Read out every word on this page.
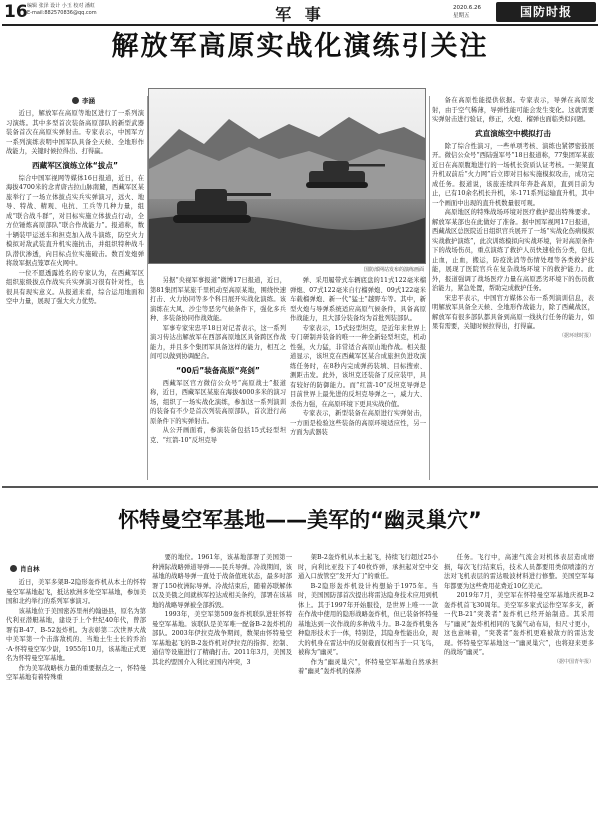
16 编辑 张泽 设计 小玉 校对 潘虹
E-mail:882570836@qq.com	军 事	2020.6.26
星期五	国防时报
解放军高原实战化演练引关注
李涵
国防部网站发布的演练画面

近日，解放军在高原等地区进行了一系列演习演练。其中多型首次装备高原部队的新型武器装备首次在高原实弹射击。专家表示，中国军方一系列演练表明中国军队具备全天候、全地形作战能力，关键时候拉得出、打得赢。

西藏军区演练立体“拔点”

综合中国军视网等媒体16日报道，近日，在海拔4700米的念青唐古拉山脉南麓，西藏军区某旅举行了一场立体拔点实兵实弹演习，远火、地导、特战、精观、电抗、工兵等几种力量，组成“联合战斗群”，对目标实施立体拔点行动，全方位锤炼高原部队“联合作战能力”。报道称，数十辆装甲运送车和担克加入战斗演练，防空火力模拟对敌武装直升机实施抗击，并组织特种战斗队潜伏渗透，向目标点位实施破击。数百发炮弹将敌军据点笼罩在火网中。

一位不愿透露姓名的专家认为，在西藏军区组织旅级拔点作战实兵实弹演习很有针对性，也很具有现实意义。从报道来看，综合运用地面和空中力量，展现了强大火力优势。

另据“央视军事报道”微博17日报道，近日，第81集团军某旅千里机动至高原某地，围绕快速打击、火力协同等多个科目展开实战化演练。该演练在大风、沙尘等恶劣气候条件下，强化多兵种、多装备协同作战效能。

军事专家宋忠平18日对记者表示，这一系列演习传达出解放军在西部高原地区具备跨区作战能力，并且多个集团军具备这样的能力，相互之间可以做到协调配合。

“00后”装备高原“亮剑”

西藏军区官方微信公众号“高原战士”报道称，近日，西藏军区某旅在海拔4000多米的演习场，组织了一场实战化演练，参加这一系列演训的装备有不少是首次列装高原部队，首次进行高原条件下的实弹射击。

从公开画面看，参演装备包括15式轻型坦克、“红箭-10”反坦克导

弹、采用履带式车辆底盘的11式122毫米榴弹炮、07式122毫米自行榴弹炮、09式122毫米车载榴弹炮、新一代“猛士”越野车等。其中，新型火炮与导弹系统适应高原气候条件，具备高原作战能力，且大部分装备均为首批列装部队。

专家表示，15式轻型坦克，是近年来世界上专门研制并装备的唯一一种全新轻型坦克，机动性强，火力猛，非常适合高原山地作战。相关报道显示，该坦克在西藏军区某合成旅担负进攻演练任务时，在8秒内完成弹药装填、目标搜索、测距击发。此外，该坦克还装备了反应装甲，具有较好的防御能力。而“红箭-10”反坦克导弹是目前世界上最先进的反坦克导弹之一，威力大、杀伤力强，在高原环境下更具实战价值。

专家表示，新型装备在高原进行实弹射击，一方面是检验这些装备的高原环境适应性，另一方面为武器装

备在高原性能提供依据。专家表示，导弹在高原发射，由于空气稀薄，导弹性能可能会发生变化。这就需要实弹射击进行验证，修正，火炮、榴弹也面临类似问题。

武直演练空中模拟打击

除了综合性演习，一些单项考核、演练也紧锣密鼓展开。微信公众号“西陆强军号”18日报道称，77集团军某旅近日在高原腹地进行的一场机长资质认证考核。一架架直升机双前后“火力网”后立即对目标实施模拟攻击，成功完成任务。报道说，该旅连续四年奔赴高原，直到目前为止，已有10余名机长升机，米-171系列运输直升机，其中一个画面中出现的直升机数量很可观。

高原地区的特殊战场环境对医疗救护提出特殊要求。解放军某部也在此做好了准备。据中国军视网17日报道，西藏战区总医院近日组织官兵展开了一场“实战化伤病模拟实战救护演练”，此次训练模拟向实战环境，针对高原条件下的战场伤员，重点演练了救护人员快速检伤分类，包扎止血，止血，搬运，防疫洗消等伤情处理等各类救护技能，展现了医院官兵在复杂战场环境下的救护能力。此外，报道强调了战场医疗力量在高原恶劣环境下的伤员救治能力，紧急处置，帮助完成救护任务。

宋忠平表示，中国官方媒体公布一系列演训信息，表明解放军具备全天候、全地形作战能力，除了西藏战区，解放军有很多部队都具备到高原一线执行任务的能力，如果有需要，关键时候拉得出，打得赢。

（据环球时报）
怀特曼空军基地——美军的“幽灵巢穴”
肖自林

近日，美军多架B-2隐形轰炸机从本土的怀特曼空军基地起飞，抵达欧洲多处空军基地，参加美国和北约举行的系列军事演习。

该基地位于美国密苏里州约翰逊县，原名为第代利亚潜艇基地，建设于上个世纪40年代，曾部署有B-47、B-52轰炸机。为表彰第二次世界大战中美军第一个击落敌机的、当地土生土长的乔治·A·怀特曼空军少尉，1955年10月，该基地正式更名为怀特曼空军基地。

作为美军战略核力量的重要据点之一，怀特曼空军基地有着特殊重

要的地位。1961年，该基地部署了美国第一种洲际战略弹道导弹——民兵导弹。冷战期间，该基地的战略导弹一直处于战备值班状态，最多时部署了150枚洲际导弹。冷战结束后，随着苏联解体以及美俄之间就核军控达成相关条约，部署在该基地的战略导弹被全部拆毁。

1993年，美空军第509轰炸机联队进驻怀特曼空军基地。该联队是美军唯一配备B-2轰炸机的部队。2003年伊拉克战争期间，数架由怀特曼空军基地起飞的B-2轰炸机对伊拉克的指挥、控制、通信等设施进行了精确打击。2011年3月，美国及其北约盟国介入利比亚国内冲突，3

架B-2轰炸机从本土起飞，持续飞行超过25小时，向利比亚投下了40枚炸弹，承担起对空中交通入口放管空“发开大门”的重任。

B-2隐形轰炸机设计构想始于1975年。当时，美国国防部首次提出将雷达隐身技术应用到机体上。其于1997年开始服役，是世界上唯一一款在作战中使用的隐形战略轰炸机，但已装备怀特曼基地达到一次作战的多种战斗力。B-2轰炸机集各种隐形技术于一体，特别是，其隐身性能出众，现大的机身在雷达中的反射截面仅相当于一只飞鸟，被称为“幽灵”。

作为“幽灵巢穴”，怀特曼空军基地自然承担着“幽灵”轰炸机的保养

任务。飞行中，高速气流会对机体表层造成磨损，每次飞行结束后，技术人员都要用类似喷漆的方法对飞机表层的雷达吸波材料进行修整。美国空军每年都要为这些费用花费近10亿美元。

2019年7月，美空军在怀特曼空军基地庆祝B-2轰炸机首飞30周年。美空军多家式运作空军多支，新一代B-21“突袭者”轰炸机已经开始制造。其采用与“幽灵”轰炸机相同的飞翼气动布局，但尺寸更小，这也意味着，“突袭者”轰炸机更难被敌方的雷达发现。怀特曼空军基地这一“幽灵巢穴”，也将迎来更多的战场“幽灵”。

（据中国青年报）
